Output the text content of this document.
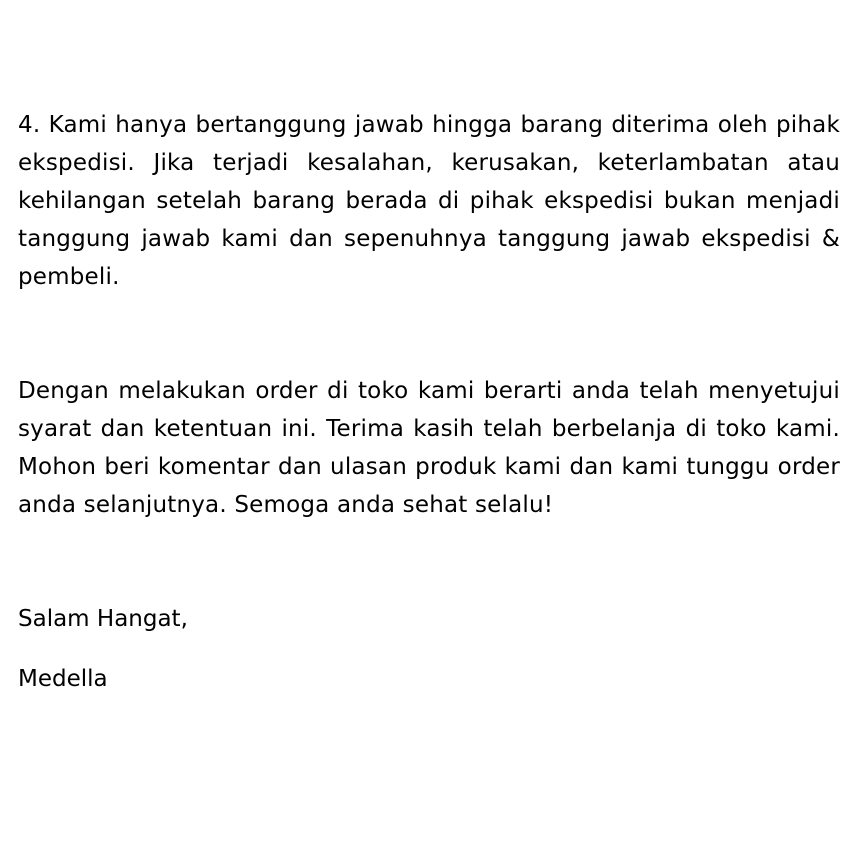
4. Kami hanya bertanggung jawab hingga barang diterima oleh pihak ekspedisi. Jika terjadi kesalahan, kerusakan, keterlambatan atau kehilangan setelah barang berada di pihak ekspedisi bukan menjadi tanggung jawab kami dan sepenuhnya tanggung jawab ekspedisi & pembeli.

Dengan melakukan order di toko kami berarti anda telah menyetujui syarat dan ketentuan ini. Terima kasih telah berbelanja di toko kami. Mohon beri komentar dan ulasan produk kami dan kami tunggu order anda selanjutnya. Semoga anda sehat selalu!

Salam Hangat,

Medella
